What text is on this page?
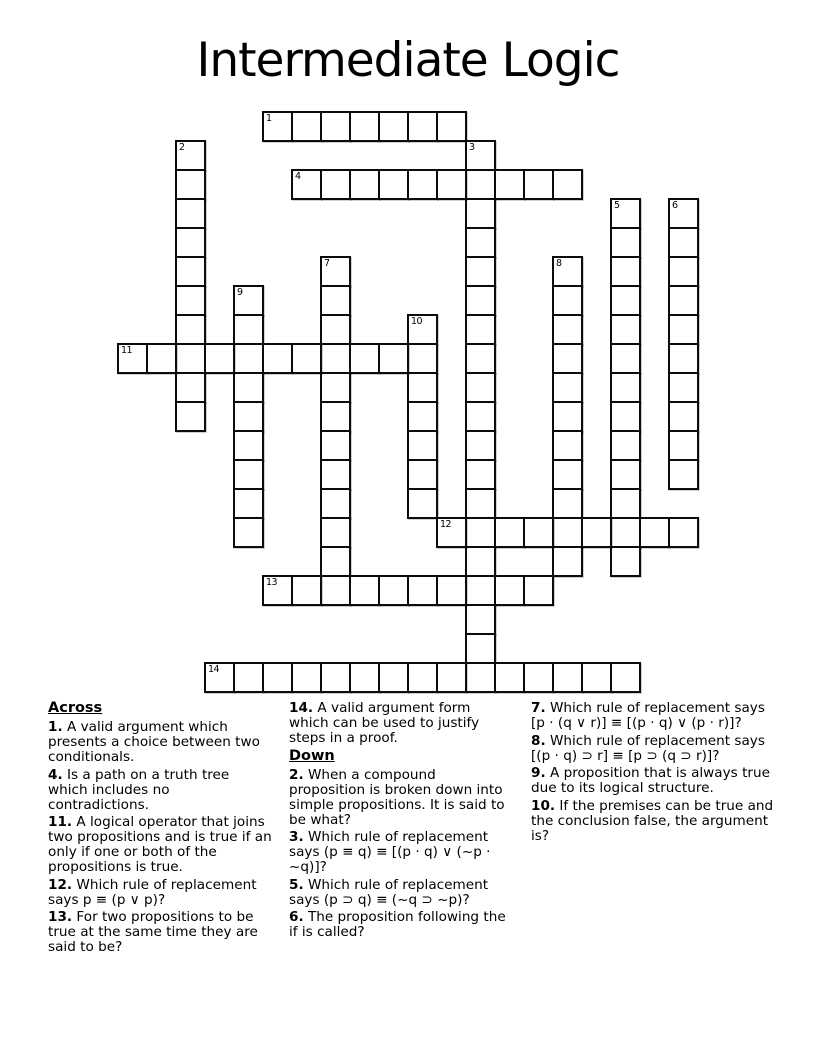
Intermediate Logic
1
2	3
4
5	6
7	8
9
10
11
12
13
14
Across
1. A valid argument which presents a choice between two conditionals.
4. Is a path on a truth tree which includes no contradictions.
11. A logical operator that joins two propositions and is true if an only if one or both of the propositions is true.
12. Which rule of replacement says p ≡ (p ∨ p)?
13. For two propositions to be true at the same time they are said to be?
14. A valid argument form which can be used to justify steps in a proof.
Down
2. When a compound proposition is broken down into simple propositions. It is said to be what?
3. Which rule of replacement says (p ≡ q) ≡ [(p · q) ∨ (~p · ~q)]?
5. Which rule of replacement says (p ⊃ q) ≡ (~q ⊃ ~p)?
6. The proposition following the if is called?
7. Which rule of replacement says [p · (q ∨ r)] ≡ [(p · q) ∨ (p · r)]?
8. Which rule of replacement says [(p · q) ⊃ r] ≡ [p ⊃ (q ⊃ r)]?
9. A proposition that is always true due to its logical structure.
10. If the premises can be true and the conclusion false, the argument is?
